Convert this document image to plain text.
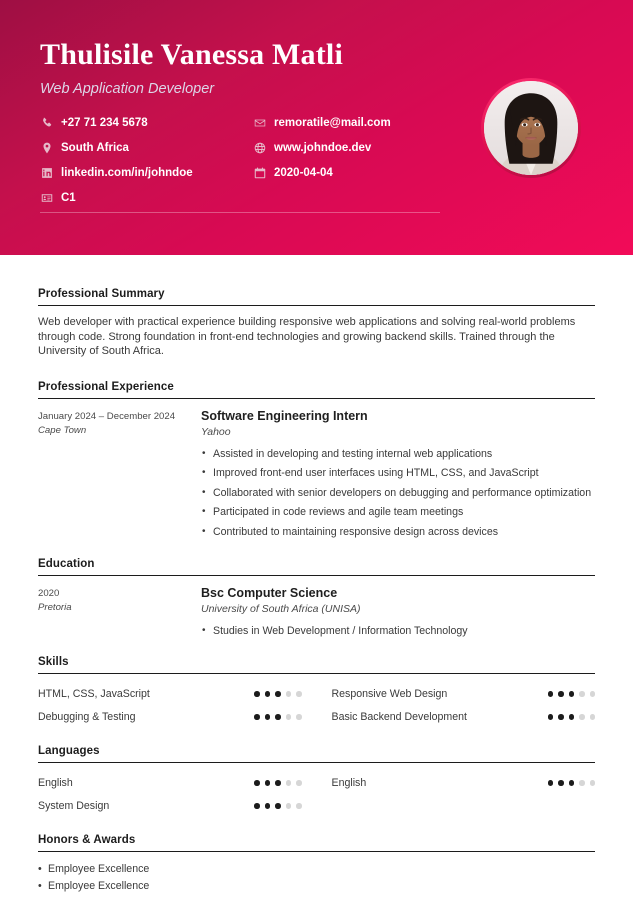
Thulisile Vanessa Matli
Web Application Developer
+27 71 234 5678	remoratile@mail.com
South Africa	www.johndoe.dev
linkedin.com/in/johndoe	2020-04-04
C1
Professional Summary

Web developer with practical experience building responsive web applications and solving real-world problems through code. Strong foundation in front-end technologies and growing backend skills. Trained through the University of South Africa.

Professional Experience
January 2024 – December 2024
Cape Town
Software Engineering Intern
Yahoo
• Assisted in developing and testing internal web applications
• Improved front-end user interfaces using HTML, CSS, and JavaScript
• Collaborated with senior developers on debugging and performance optimization
• Participated in code reviews and agile team meetings
• Contributed to maintaining responsive design across devices
Education
2020
Pretoria
Bsc Computer Science
University of South Africa (UNISA)
• Studies in Web Development / Information Technology
Skills
HTML, CSS, JavaScript	Responsive Web Design
Debugging & Testing	Basic Backend Development
Languages
English	English
System Design
Honors & Awards
• Employee Excellence
• Employee Excellence
